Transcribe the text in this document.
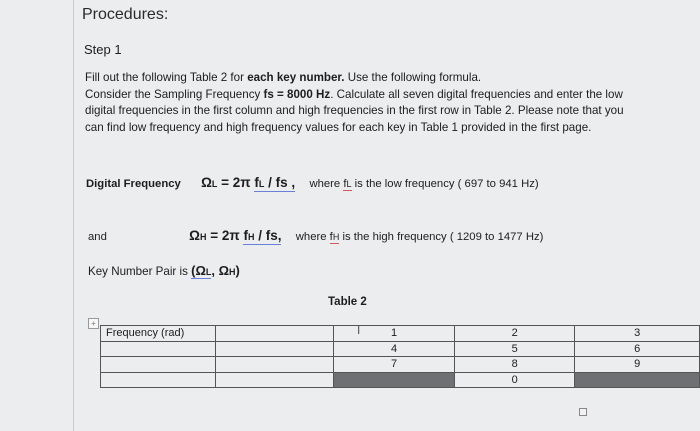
Procedures:
Step 1
Fill out the following Table 2 for each key number. Use the following formula.
Consider the Sampling Frequency fs = 8000 Hz. Calculate all seven digital frequencies and enter the low digital frequencies in the first column and high frequencies in the first row in Table 2. Please note that you can find low frequency and high frequency values for each key in Table 1 provided in the first page.
Digital Frequency ΩL = 2π fL / fs , where fL is the low frequency ( 697 to 941 Hz)
and	ΩH = 2π fH / fs, where fH is the high frequency ( 1209 to 1477 Hz)
Key Number Pair is (ΩL, ΩH)
Table 2
I
+
Frequency (rad)		1	2	3
		4	5	6
		7	8	9
			0	
